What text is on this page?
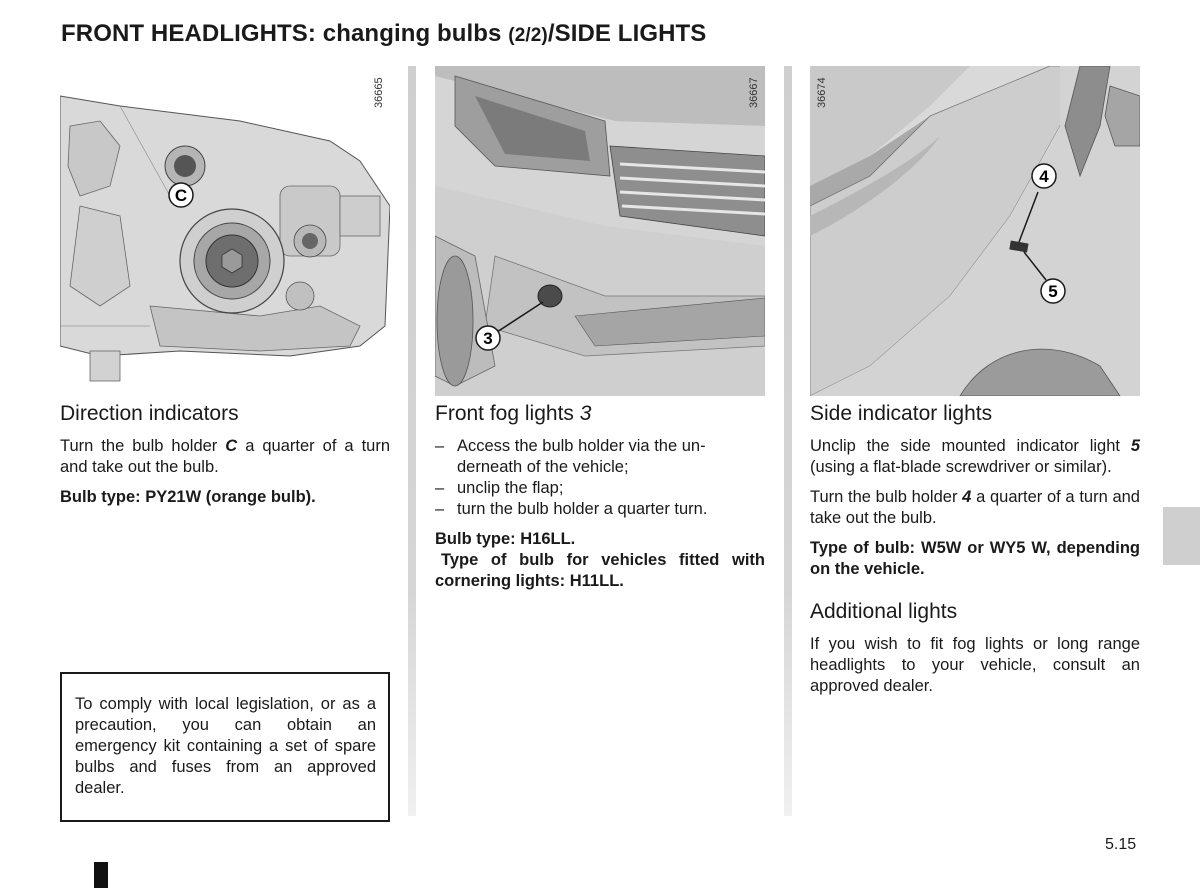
FRONT HEADLIGHTS: changing bulbs (2/2)/SIDE LIGHTS
C
36665
3
36667
4
5
36674
Direction indicators

Turn the bulb holder C a quarter of a turn and take out the bulb.

Bulb type: PY21W (orange bulb).

To comply with local legislation, or as a precaution, you can obtain an emergency kit containing a set of spare bulbs and fuses from an approved dealer.

Front fog lights 3
– Access the bulb holder via the underneath of the vehicle;
– unclip the flap;
– turn the bulb holder a quarter turn.

Bulb type: H16LL.

Type of bulb for vehicles fitted with cornering lights: H11LL.

Side indicator lights

Unclip the side mounted indicator light 5 (using a flat-blade screwdriver or similar).

Turn the bulb holder 4 a quarter of a turn and take out the bulb.

Type of bulb: W5W or WY5 W, depending on the vehicle.

Additional lights

If you wish to fit fog lights or long range headlights to your vehicle, consult an approved dealer.

5.15
